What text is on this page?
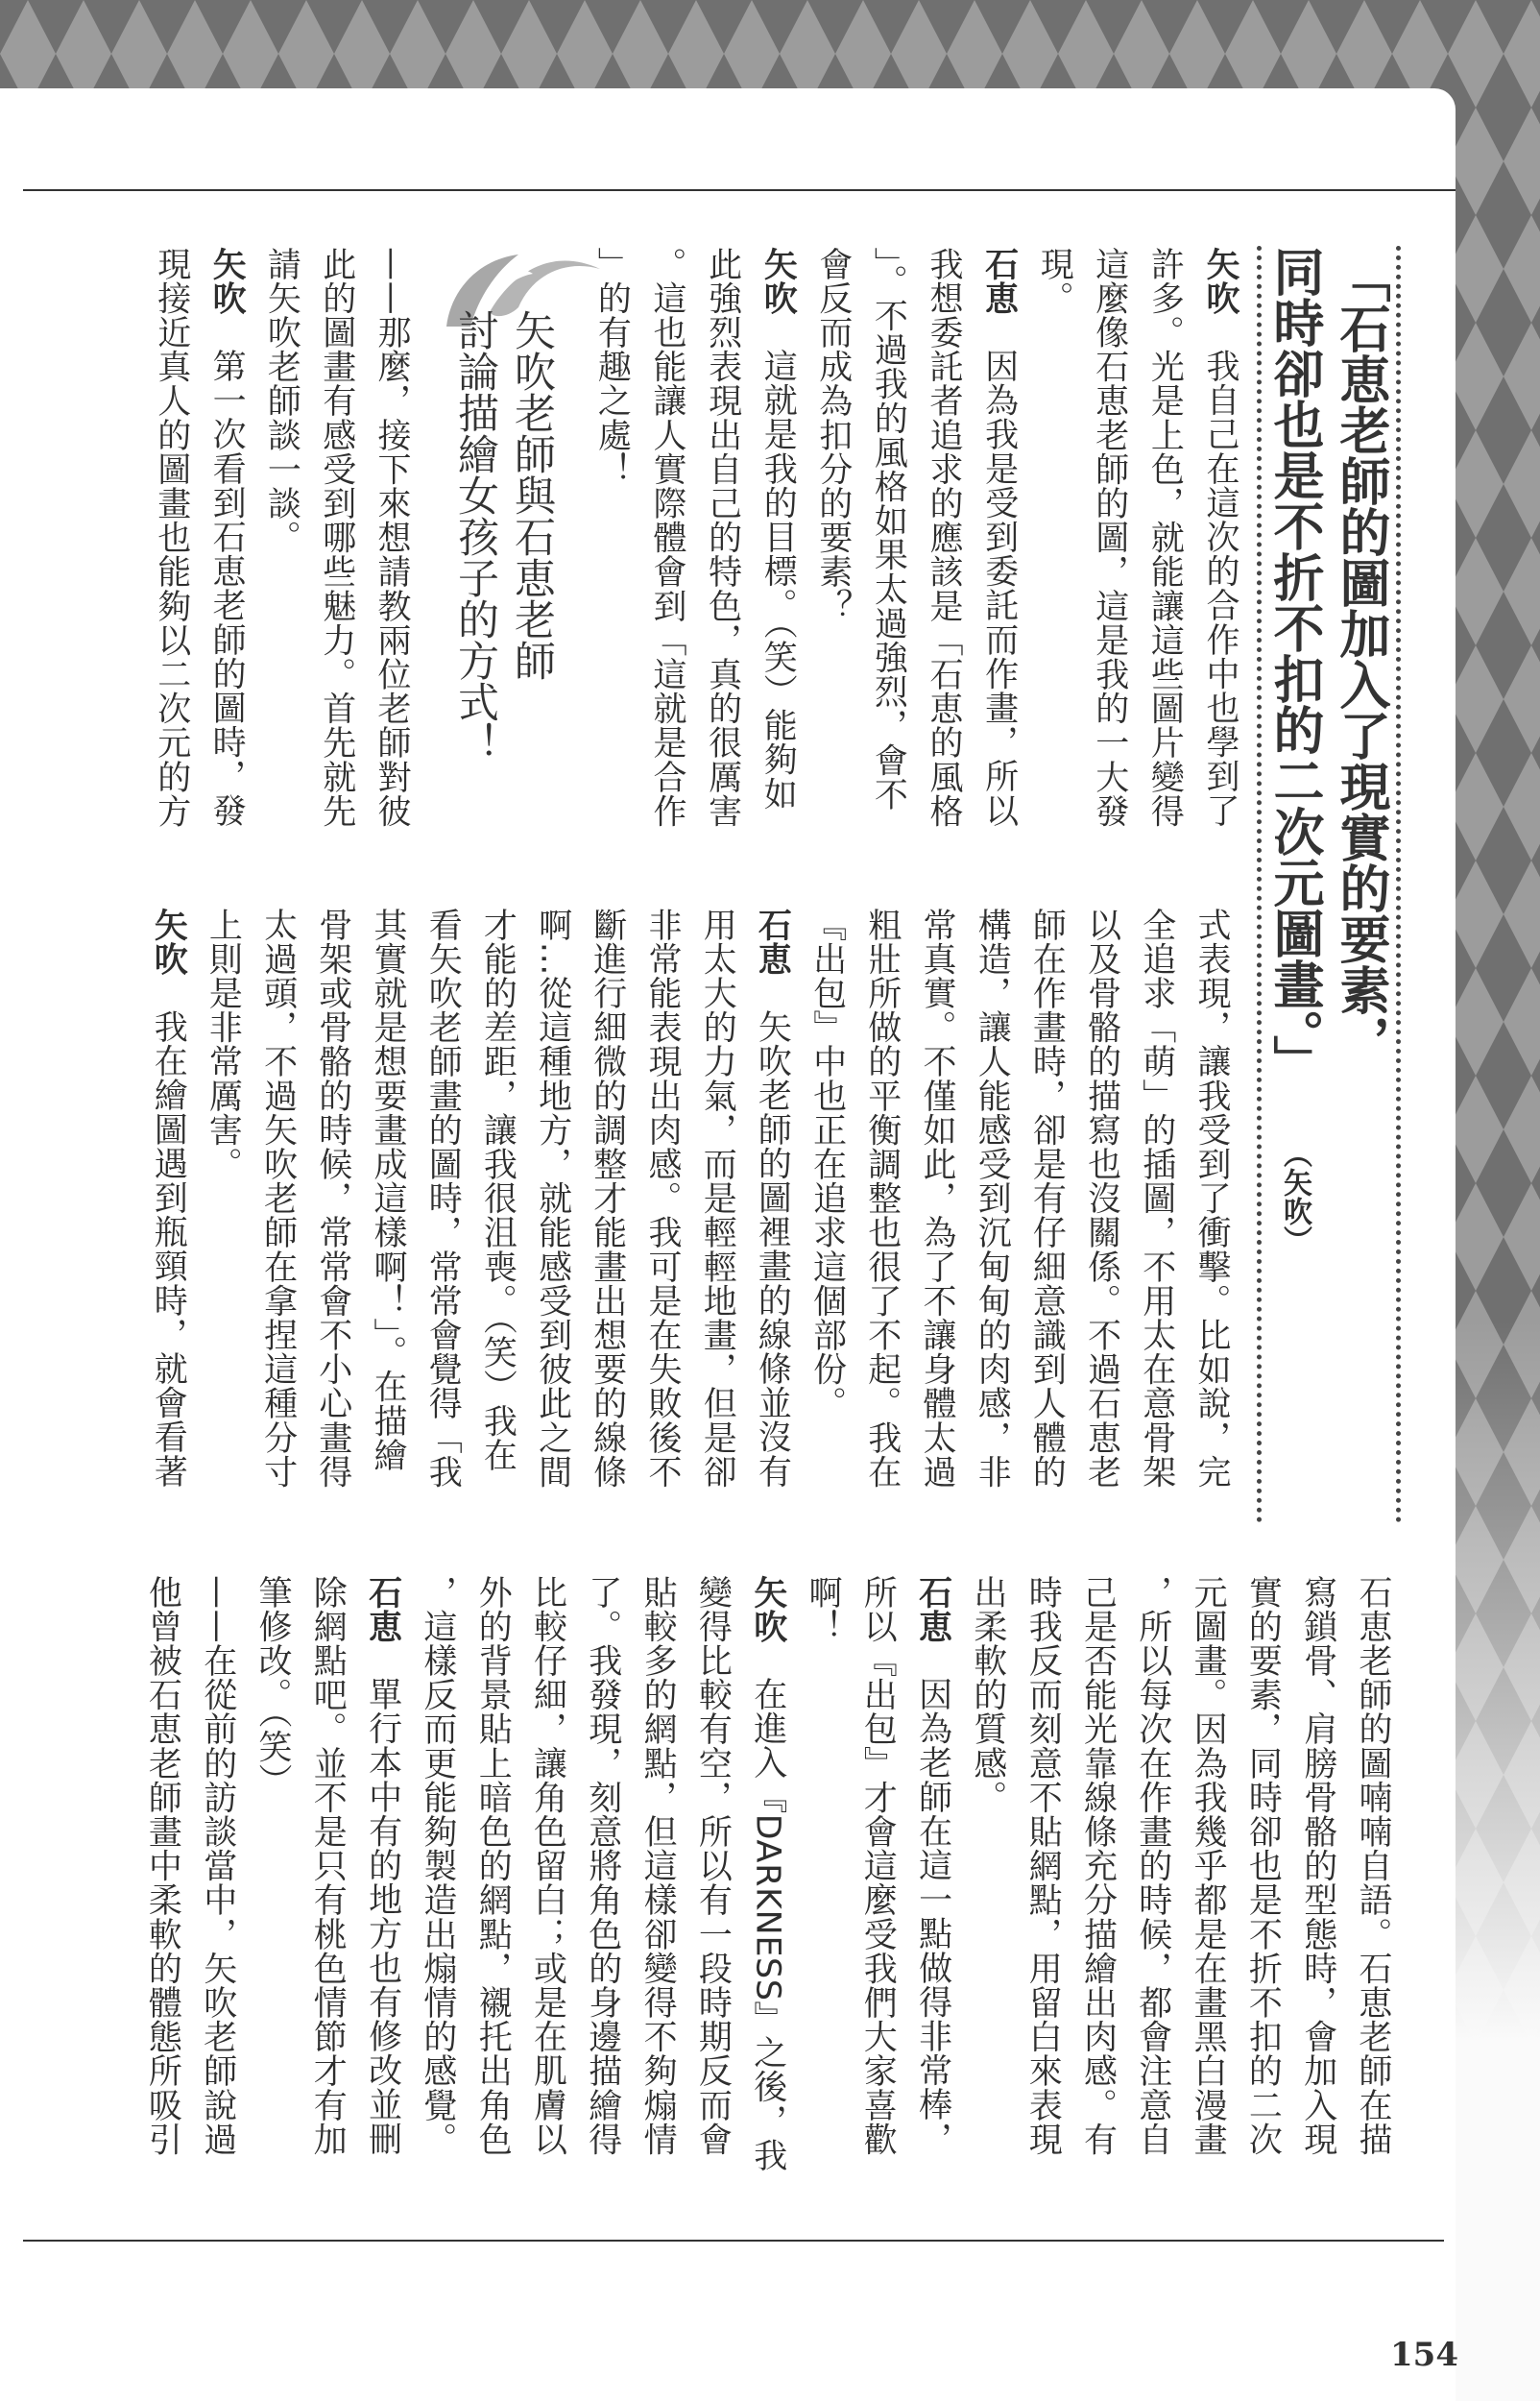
「石恵老師的圖加入了現實的要素，
同時卻也是不折不扣的二次元圖畫。」
（矢吹）
矢吹老師與石恵老師
討論描繪女孩子的方式！
矢吹我自己在這次的合作中也學到了
許多。光是上色，就能讓這些圖片變得
這麼像石恵老師的圖，這是我的一大發
現。
石恵因為我是受到委託而作畫，所以
我想委託者追求的應該是「石恵的風格
」。不過我的風格如果太過強烈，會不
會反而成為扣分的要素？
矢吹這就是我的目標。（笑）能夠如
此強烈表現出自己的特色，真的很厲害
。這也能讓人實際體會到「這就是合作
」的有趣之處！
——那麼，接下來想請教兩位老師對彼
此的圖畫有感受到哪些魅力。首先就先
請矢吹老師談一談。
矢吹第一次看到石恵老師的圖時，發
現接近真人的圖畫也能夠以二次元的方
式表現，讓我受到了衝擊。比如說，完
全追求「萌」的插圖，不用太在意骨架
以及骨骼的描寫也沒關係。不過石恵老
師在作畫時，卻是有仔細意識到人體的
構造，讓人能感受到沉甸甸的肉感，非
常真實。不僅如此，為了不讓身體太過
粗壯所做的平衡調整也很了不起。我在
『出包』中也正在追求這個部份。
石恵矢吹老師的圖裡畫的線條並沒有
用太大的力氣，而是輕輕地畫，但是卻
非常能表現出肉感。我可是在失敗後不
斷進行細微的調整才能畫出想要的線條
啊…從這種地方，就能感受到彼此之間
才能的差距，讓我很沮喪。（笑）我在
看矢吹老師畫的圖時，常常會覺得「我
其實就是想要畫成這樣啊！」。在描繪
骨架或骨骼的時候，常常會不小心畫得
太過頭，不過矢吹老師在拿捏這種分寸
上則是非常厲害。
矢吹我在繪圖遇到瓶頸時，就會看著
石恵老師的圖喃喃自語。石恵老師在描
寫鎖骨、肩膀骨骼的型態時，會加入現
實的要素，同時卻也是不折不扣的二次
元圖畫。因為我幾乎都是在畫黑白漫畫
，所以每次在作畫的時候，都會注意自
己是否能光靠線條充分描繪出肉感。有
時我反而刻意不貼網點，用留白來表現
出柔軟的質感。
石恵因為老師在這一點做得非常棒，
所以『出包』才會這麼受我們大家喜歡
啊！
矢吹在進入『DARKNESS』之後，我
變得比較有空，所以有一段時期反而會
貼較多的網點，但這樣卻變得不夠煽情
了。我發現，刻意將角色的身邊描繪得
比較仔細，讓角色留白；或是在肌膚以
外的背景貼上暗色的網點，襯托出角色
，這樣反而更能夠製造出煽情的感覺。
石恵單行本中有的地方也有修改並刪
除網點吧。並不是只有桃色情節才有加
筆修改。（笑）
——在從前的訪談當中，矢吹老師說過
他曾被石恵老師畫中柔軟的體態所吸引
154
